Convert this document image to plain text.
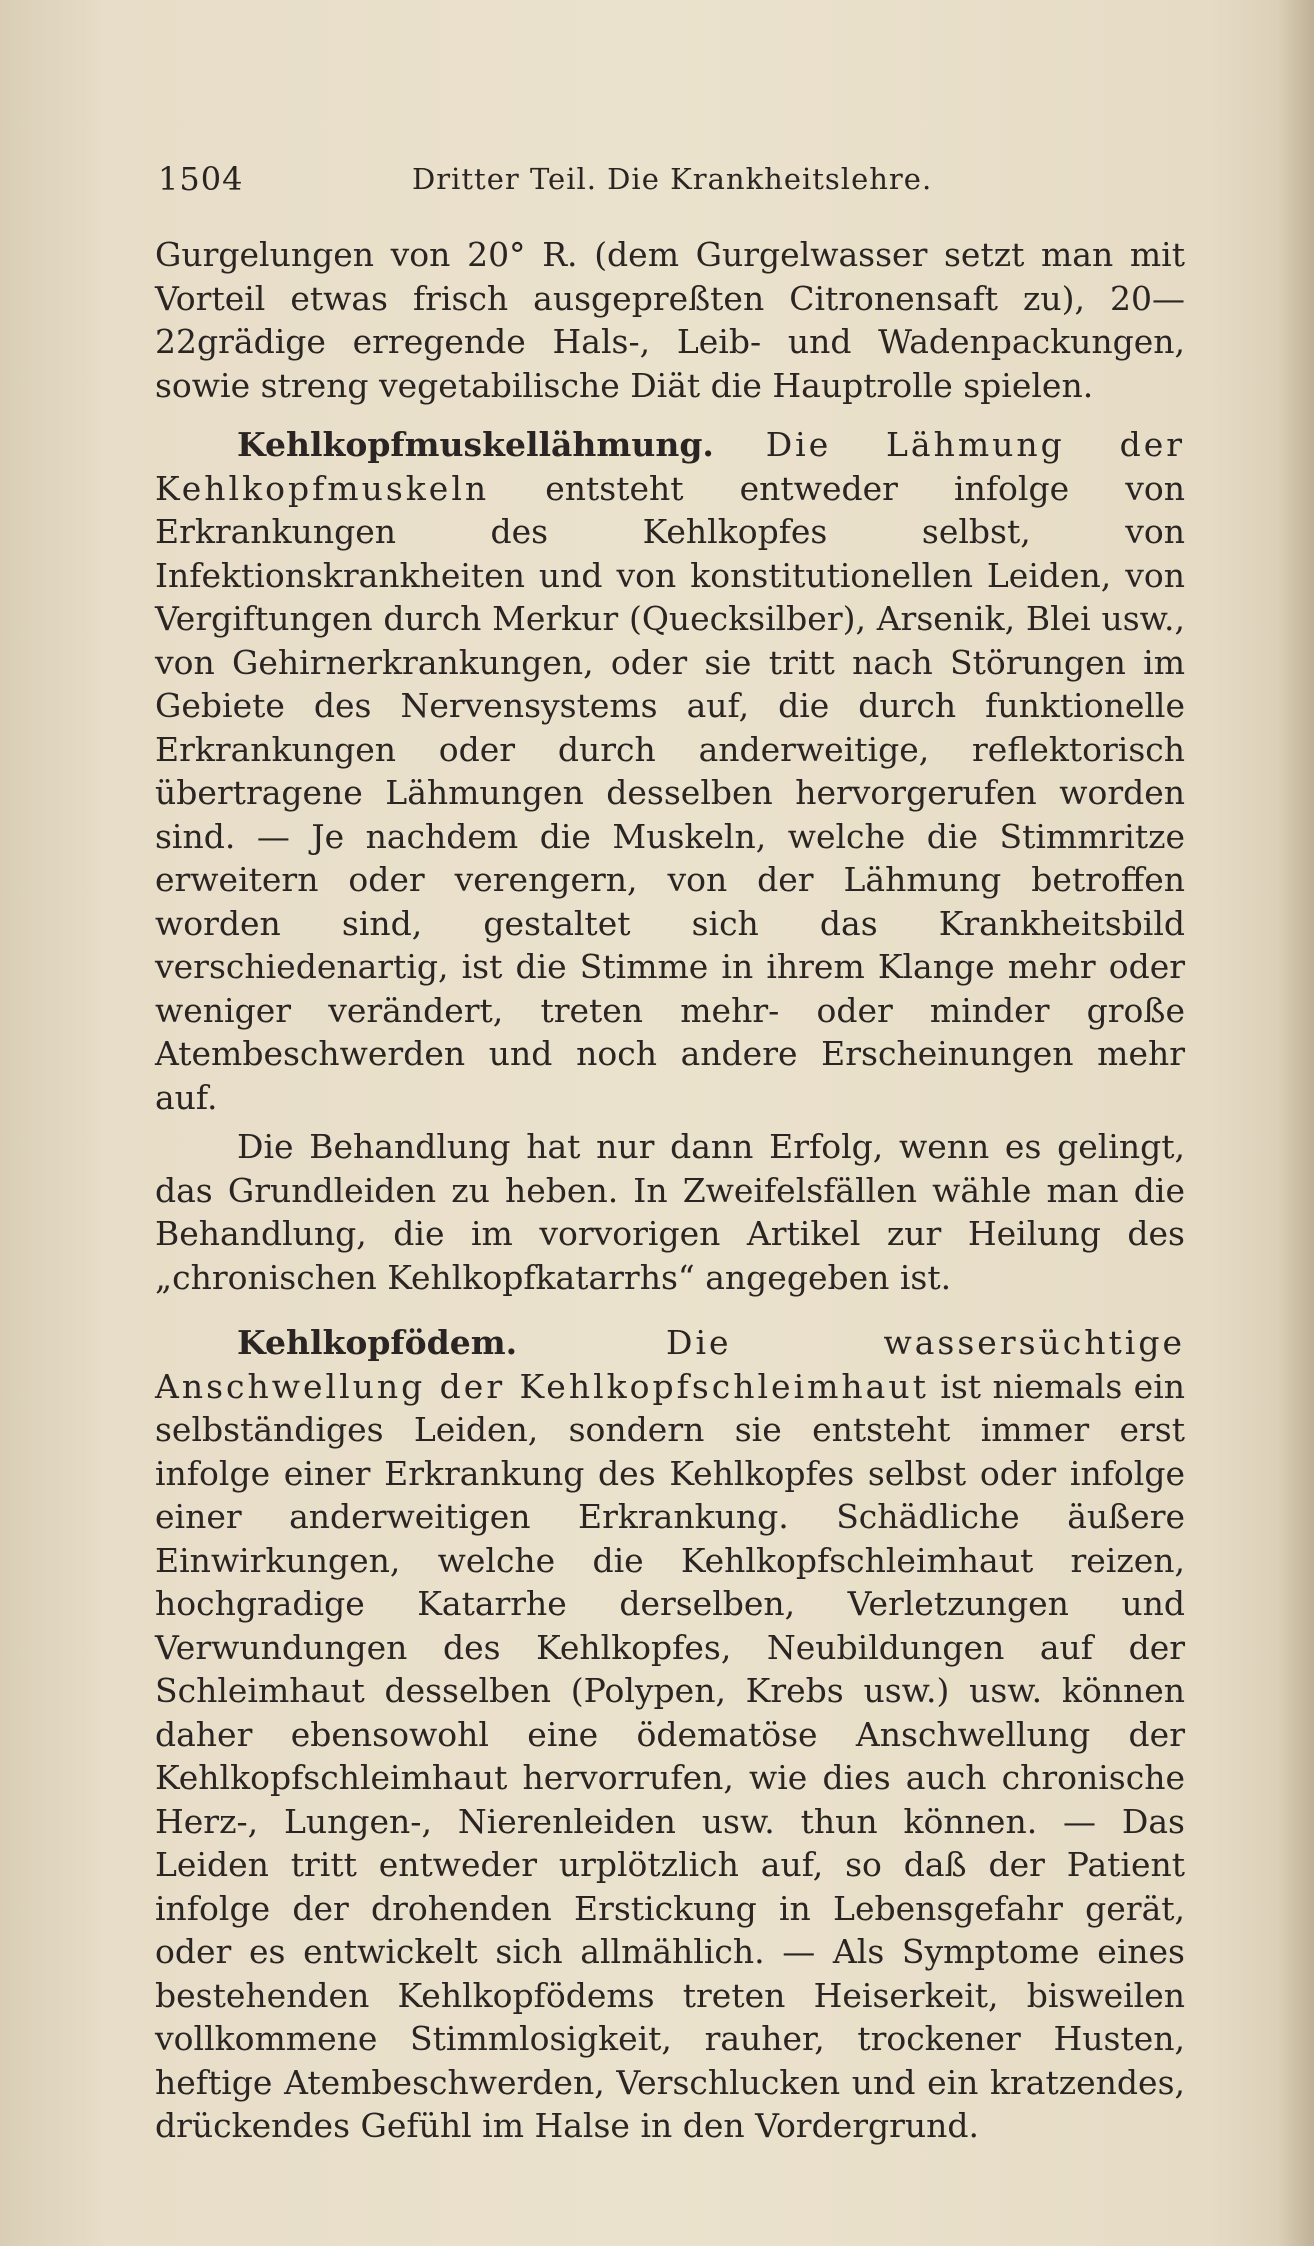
1504	Dritter Teil. Die Krankheitslehre.

Gurgelungen von 20° R. (dem Gurgelwasser setzt man mit Vorteil etwas frisch ausgepreßten Citronensaft zu), 20—22grädige erregende Hals-, Leib- und Wadenpackungen, sowie streng vegetabilische Diät die Hauptrolle spielen.

Kehlkopfmuskellähmung. Die Lähmung der Kehlkopfmuskeln entsteht entweder infolge von Erkrankungen des Kehlkopfes selbst, von Infektionskrankheiten und von konstitutionellen Leiden, von Vergiftungen durch Merkur (Quecksilber), Arsenik, Blei usw., von Gehirnerkrankungen, oder sie tritt nach Störungen im Gebiete des Nervensystems auf, die durch funktionelle Erkrankungen oder durch anderweitige, reflektorisch übertragene Lähmungen desselben hervorgerufen worden sind. — Je nachdem die Muskeln, welche die Stimmritze erweitern oder verengern, von der Lähmung betroffen worden sind, gestaltet sich das Krankheitsbild verschiedenartig, ist die Stimme in ihrem Klange mehr oder weniger verändert, treten mehr- oder minder große Atembeschwerden und noch andere Erscheinungen mehr auf.

Die Behandlung hat nur dann Erfolg, wenn es gelingt, das Grundleiden zu heben. In Zweifelsfällen wähle man die Behandlung, die im vorvorigen Artikel zur Heilung des „chronischen Kehlkopfkatarrhs“ angegeben ist.

Kehlkopfödem.	Die wassersüchtige Anschwellung der Kehlkopfschleimhaut ist niemals ein selbständiges Leiden, sondern sie entsteht immer erst infolge einer Erkrankung des Kehlkopfes selbst oder infolge einer anderweitigen Erkrankung. Schädliche äußere Einwirkungen, welche die Kehlkopfschleimhaut reizen, hochgradige Katarrhe derselben, Verletzungen und Verwundungen des Kehlkopfes, Neubildungen auf der Schleimhaut desselben (Polypen, Krebs usw.) usw. können daher ebensowohl eine ödematöse Anschwellung der Kehlkopfschleimhaut hervorrufen, wie dies auch chronische Herz-, Lungen-, Nierenleiden usw. thun können. — Das Leiden tritt entweder urplötzlich auf, so daß der Patient infolge der drohenden Erstickung in Lebensgefahr gerät, oder es entwickelt sich allmählich. — Als Symptome eines bestehenden Kehlkopfödems treten Heiserkeit, bisweilen vollkommene Stimmlosigkeit, rauher, trockener Husten, heftige Atembeschwerden, Verschlucken und ein kratzendes, drückendes Gefühl im Halse in den Vordergrund.
